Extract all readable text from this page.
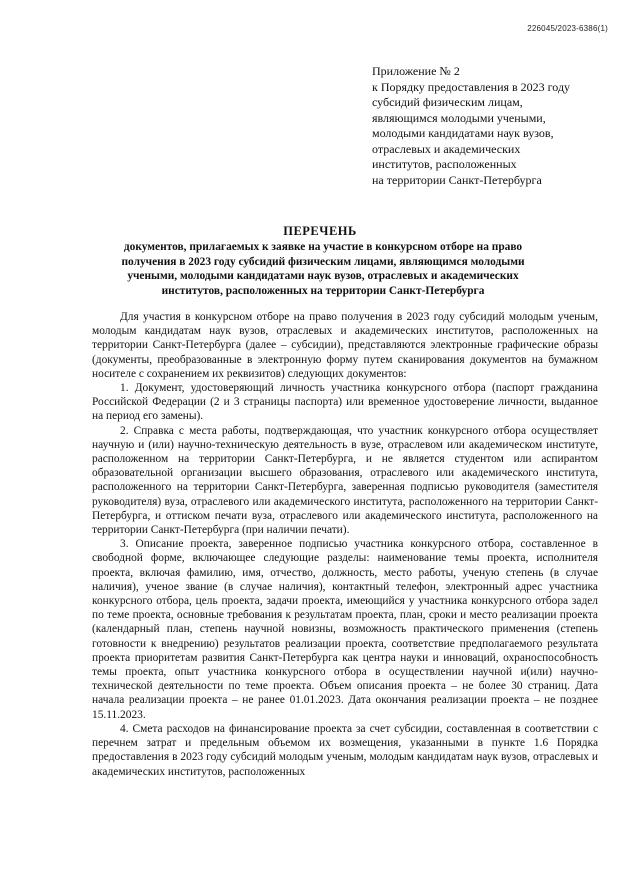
226045/2023-6386(1)
Приложение № 2
к Порядку предоставления в 2023 году
субсидий физическим лицам,
являющимся молодыми учеными,
молодыми кандидатами наук вузов,
отраслевых и академических
институтов, расположенных
на территории Санкт-Петербурга
ПЕРЕЧЕНЬ
документов, прилагаемых к заявке на участие в конкурсном отборе на право
получения в 2023 году субсидий физическим лицами, являющимся молодыми
учеными, молодыми кандидатами наук вузов, отраслевых и академических
институтов, расположенных на территории Санкт-Петербурга

Для участия в конкурсном отборе на право получения в 2023 году субсидий молодым ученым, молодым кандидатам наук вузов, отраслевых и академических институтов, расположенных на территории Санкт-Петербурга (далее – субсидии), представляются электронные графические образы (документы, преобразованные в электронную форму путем сканирования документов на бумажном носителе с сохранением их реквизитов) следующих документов:

1. Документ, удостоверяющий личность участника конкурсного отбора (паспорт гражданина Российской Федерации (2 и 3 страницы паспорта) или временное удостоверение личности, выданное на период его замены).

2. Справка с места работы, подтверждающая, что участник конкурсного отбора осуществляет научную и (или) научно-техническую деятельность в вузе, отраслевом или академическом институте, расположенном на территории Санкт-Петербурга, и не является студентом или аспирантом образовательной организации высшего образования, отраслевого или академического института, расположенного на территории Санкт-Петербурга, заверенная подписью руководителя (заместителя руководителя) вуза, отраслевого или академического института, расположенного на территории Санкт-Петербурга, и оттиском печати вуза, отраслевого или академического института, расположенного на территории Санкт-Петербурга (при наличии печати).

3. Описание проекта, заверенное подписью участника конкурсного отбора, составленное в свободной форме, включающее следующие разделы: наименование темы проекта, исполнителя проекта, включая фамилию, имя, отчество, должность, место работы, ученую степень (в случае наличия), ученое звание (в случае наличия), контактный телефон, электронный адрес участника конкурсного отбора, цель проекта, задачи проекта, имеющийся у участника конкурсного отбора задел по теме проекта, основные требования к результатам проекта, план, сроки и место реализации проекта (календарный план, степень научной новизны, возможность практического применения (степень готовности к внедрению) результатов реализации проекта, соответствие предполагаемого результата проекта приоритетам развития Санкт-Петербурга как центра науки и инноваций, охраноспособность темы проекта, опыт участника конкурсного отбора в осуществлении научной и(или) научно-технической деятельности по теме проекта. Объем описания проекта – не более 30 страниц. Дата начала реализации проекта – не ранее 01.01.2023. Дата окончания реализации проекта – не позднее 15.11.2023.

4. Смета расходов на финансирование проекта за счет субсидии, составленная в соответствии с перечнем затрат и предельным объемом их возмещения, указанными в пункте 1.6 Порядка предоставления в 2023 году субсидий молодым ученым, молодым кандидатам наук вузов, отраслевых и академических институтов, расположенных
